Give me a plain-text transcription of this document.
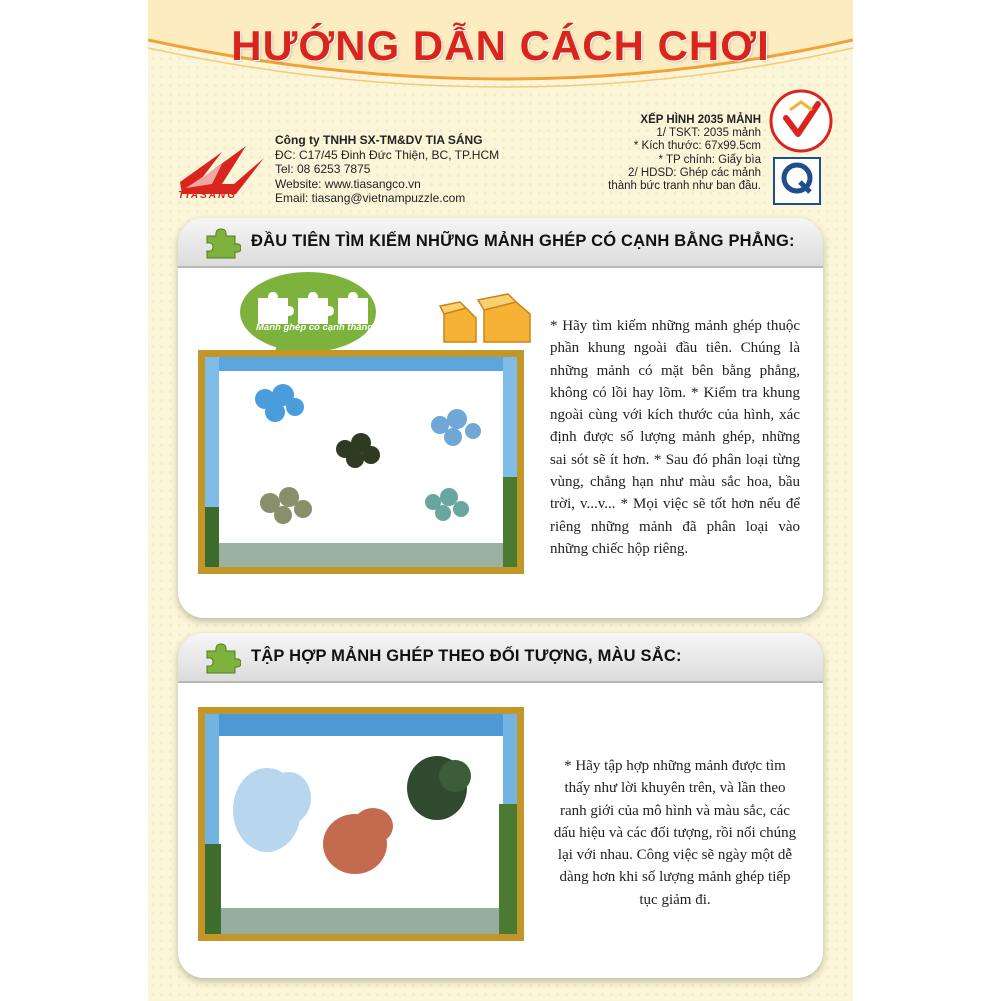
HƯỚNG DẪN CÁCH CHƠI
TIASANG
Công ty TNHH SX-TM&DV TIA SÁNG
ĐC: C17/45 Đinh Đức Thiện, BC, TP.HCM
Tel: 08 6253 7875
Website: www.tiasangco.vn
Email: tiasang@vietnampuzzle.com
XẾP HÌNH 2035 MẢNH
1/ TSKT: 2035 mảnh
* Kích thước: 67x99.5cm
* TP chính: Giấy bìa
2/ HDSD: Ghép các mảnh
thành bức tranh như ban đầu.
ĐẦU TIÊN TÌM KIẾM NHỮNG MẢNH GHÉP CÓ CẠNH BẰNG PHẲNG:
Mảnh ghép có cạnh thẳng	* Hãy tìm kiếm những mảnh ghép thuộc phần khung ngoài đầu tiên. Chúng là những mảnh có mặt bên bằng phẳng, không có lồi hay lõm. * Kiểm tra khung ngoài cùng với kích thước của hình, xác định được số lượng mảnh ghép, những sai sót sẽ ít hơn. * Sau đó phân loại từng vùng, chẳng hạn như màu sắc hoa, bầu trời, v...v... * Mọi việc sẽ tốt hơn nếu để riêng những mảnh đã phân loại vào những chiếc hộp riêng.

TẬP HỢP MẢNH GHÉP THEO ĐỐI TƯỢNG, MÀU SẮC:

* Hãy tập hợp những mảnh được tìm thấy như lời khuyên trên, và lần theo ranh giới của mô hình và màu sắc, các dấu hiệu và các đối tượng, rồi nối chúng lại với nhau. Công việc sẽ ngày một dễ dàng hơn khi số lượng mảnh ghép tiếp tục giảm đi.
